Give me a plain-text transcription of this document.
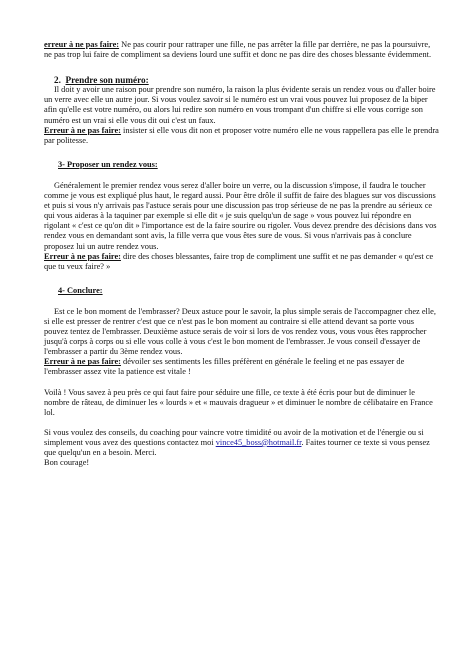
erreur à ne pas faire: Ne pas courir pour rattraper une fille, ne pas arrêter la fille par derrière, ne pas la poursuivre, ne pas trop lui faire de compliment sa deviens lourd une suffit et donc ne pas dire des choses blessante évidemment.

2. Prendre son numéro:

Il doit y avoir une raison pour prendre son numéro, la raison la plus évidente serais un rendez vous ou d'aller boire un verre avec elle un autre jour. Si vous voulez savoir si le numéro est un vrai vous pouvez lui proposez de la biper afin qu'elle est votre numéro, ou alors lui redire son numéro en vous trompant d'un chiffre si elle vous corrige son numéro est un vrai si elle vous dit oui c'est un faux.

Erreur à ne pas faire: insister si elle vous dit non et proposer votre numéro elle ne vous rappellera pas elle le prendra par politesse.

3- Proposer un rendez vous:

Généralement le premier rendez vous serez d'aller boire un verre, ou la discussion s'impose, il faudra le toucher comme je vous est expliqué plus haut, le regard aussi. Pour être drôle il suffit de faire des blagues sur vos discussions et puis si vous n'y arrivais pas l'astuce serais pour une discussion pas trop sérieuse de ne pas la prendre au sérieux ce qui vous aideras à la taquiner par exemple si elle dit « je suis quelqu'un de sage » vous pouvez lui répondre en rigolant « c'est ce qu'on dit » l'importance est de la faire sourire ou rigoler. Vous devez prendre des décisions dans vos rendez vous en demandant sont avis, la fille verra que vous êtes sure de vous. Si vous n'arrivais pas à conclure proposez lui un autre rendez vous.

Erreur à ne pas faire: dire des choses blessantes, faire trop de compliment une suffit et ne pas demander « qu'est ce que tu veux faire? »

4- Conclure:

Est ce le bon moment de l'embrasser? Deux astuce pour le savoir, la plus simple serais de l'accompagner chez elle, si elle est presser de rentrer c'est que ce n'est pas le bon moment au contraire si elle attend devant sa porte vous pouvez tentez de l'embrasser. Deuxième astuce serais de voir si lors de vos rendez vous, vous vous êtes rapprocher jusqu'à corps à corps ou si elle vous colle à vous c'est le bon moment de l'embrasser. Je vous conseil d'essayer de l'embrasser a partir du 3ème rendez vous.

Erreur à ne pas faire: dévoiler ses sentiments les filles préfèrent en générale le feeling et ne pas essayer de l'embrasser assez vite la patience est vitale !

Voilà ! Vous savez à peu près ce qui faut faire pour séduire une fille, ce texte à été écris pour but de diminuer le nombre de râteau, de diminuer les « lourds » et « mauvais dragueur » et diminuer le nombre de célibataire en France lol.

Si vous voulez des conseils, du coaching pour vaincre votre timidité ou avoir de la motivation et de l'énergie ou si simplement vous avez des questions contactez moi vince45_boss@hotmail.fr. Faites tourner ce texte si vous pensez que quelqu'un en a besoin. Merci.

Bon courage!
